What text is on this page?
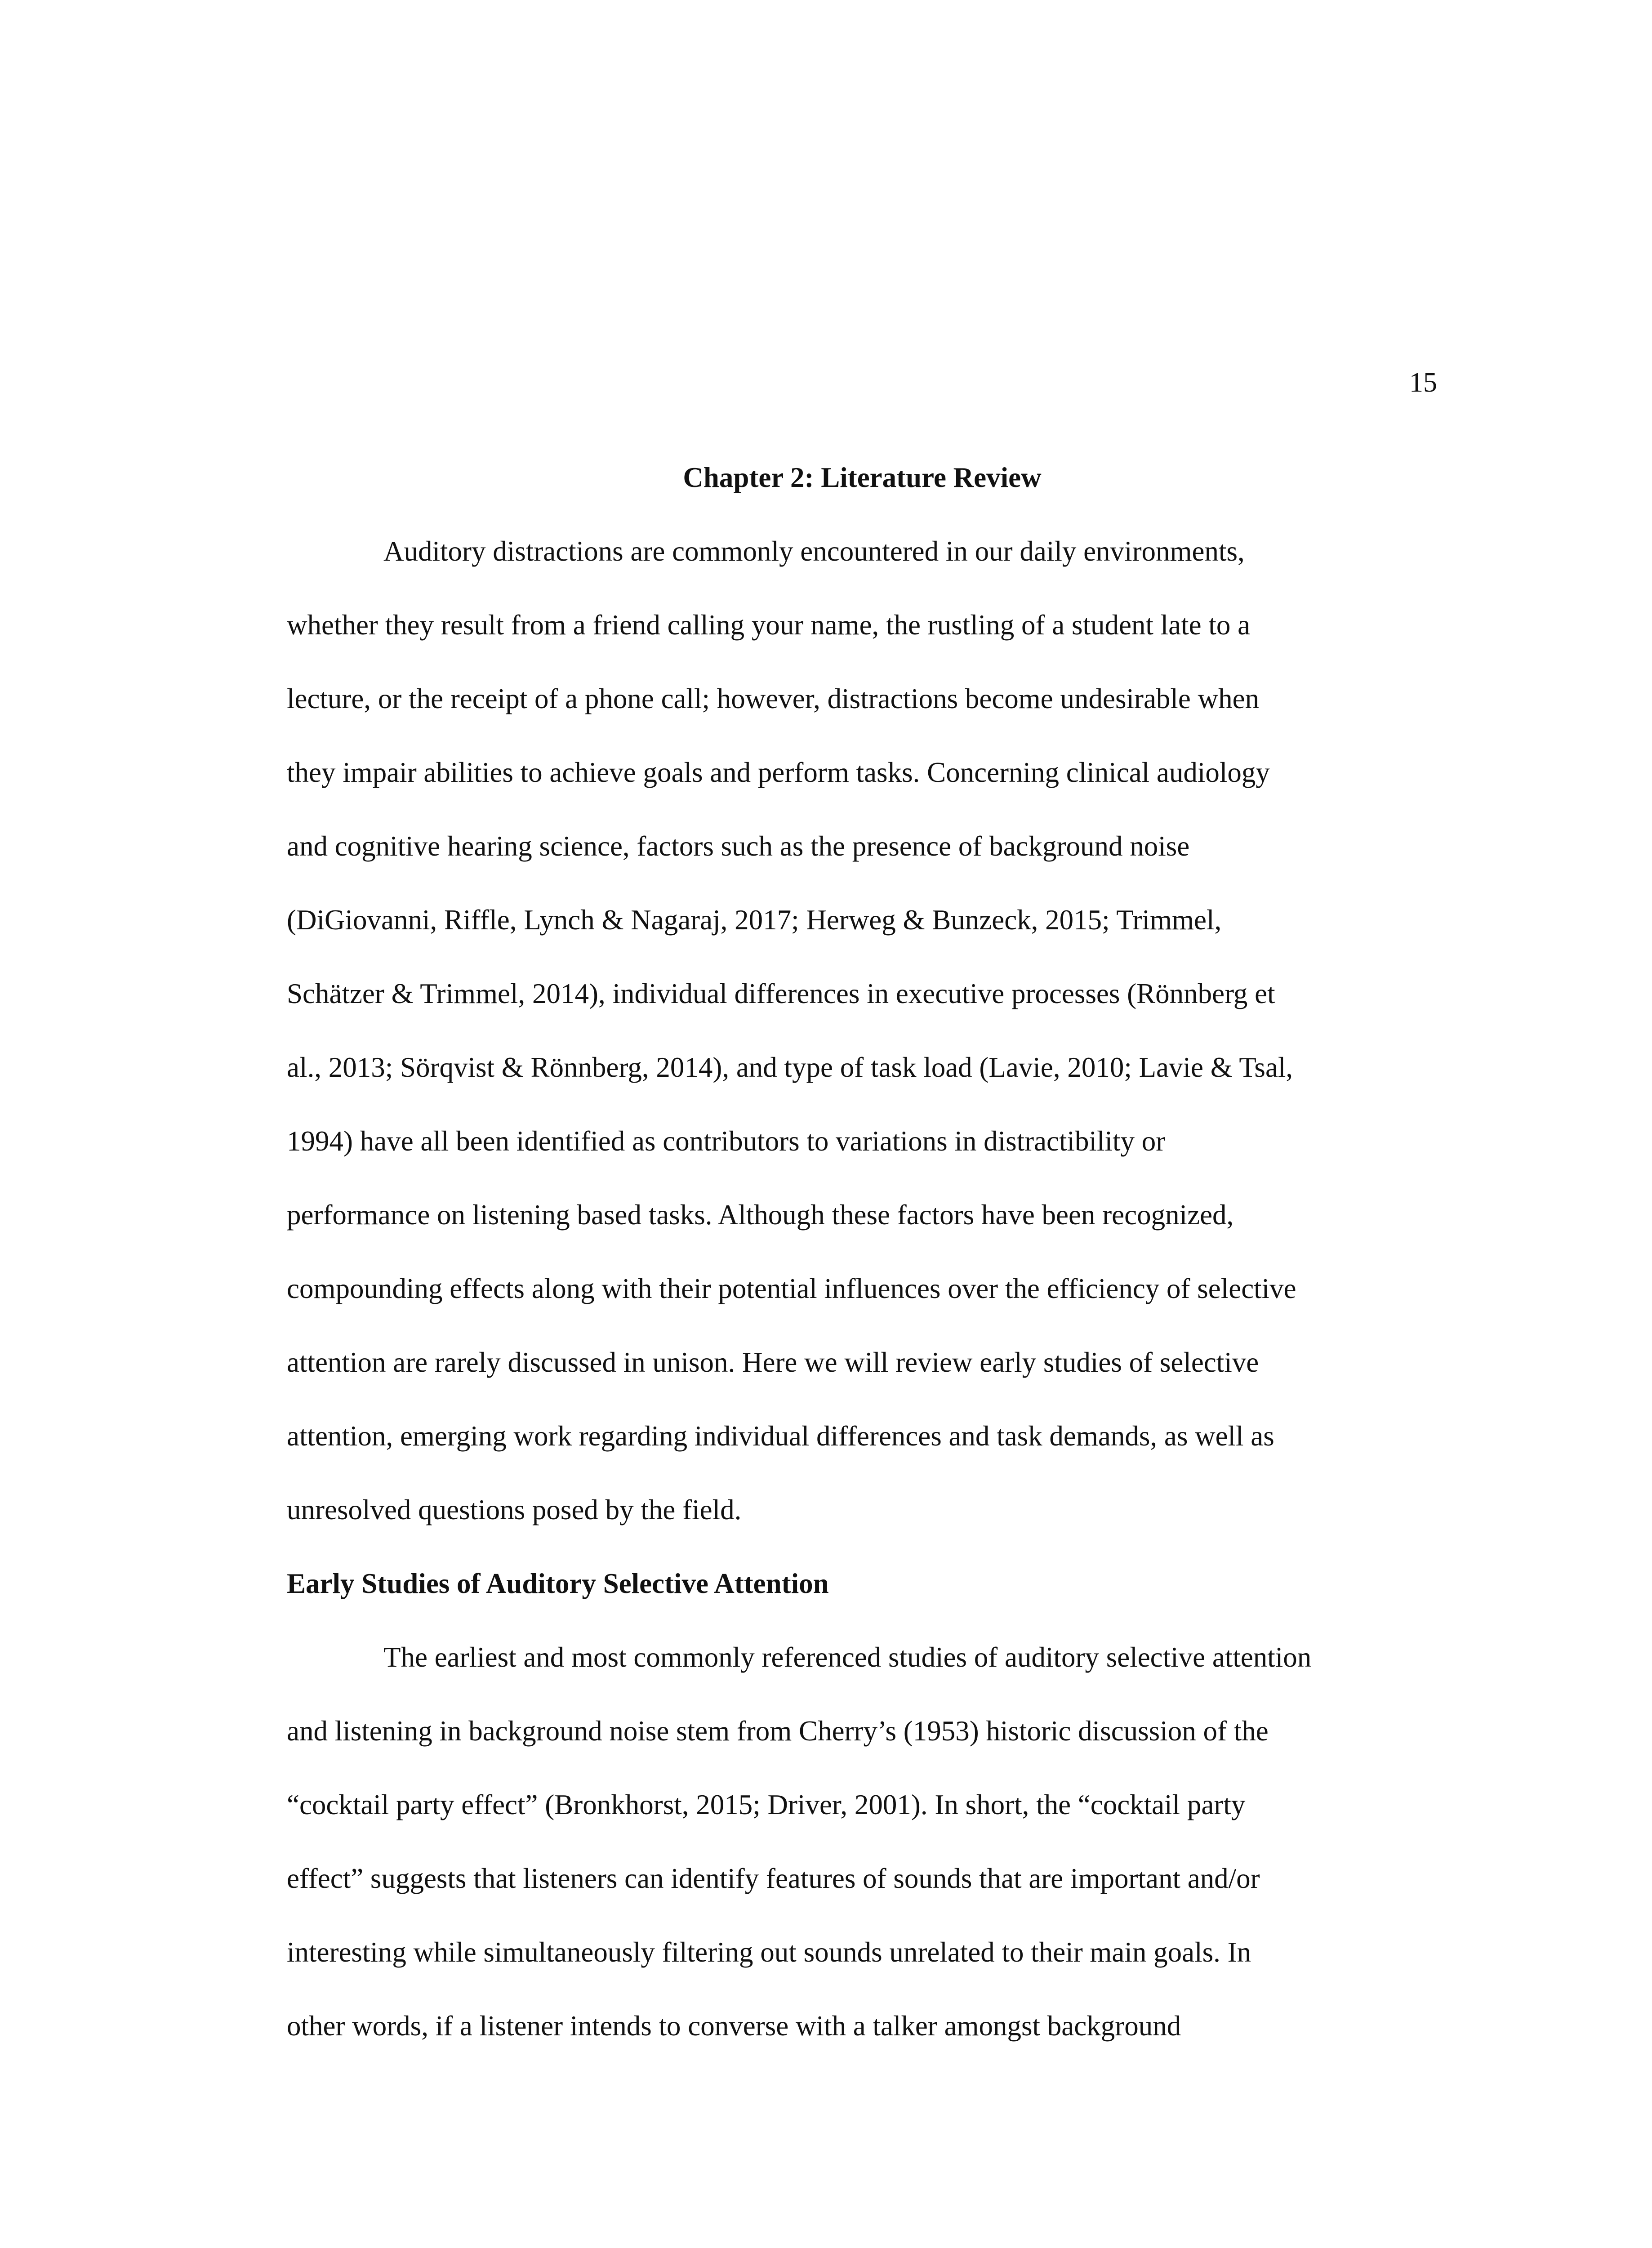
15
Chapter 2: Literature Review

Auditory distractions are commonly encountered in our daily environments,

whether they result from a friend calling your name, the rustling of a student late to a

lecture, or the receipt of a phone call; however, distractions become undesirable when

they impair abilities to achieve goals and perform tasks. Concerning clinical audiology

and cognitive hearing science, factors such as the presence of background noise

(DiGiovanni, Riffle, Lynch & Nagaraj, 2017; Herweg & Bunzeck, 2015; Trimmel,

Schätzer & Trimmel, 2014), individual differences in executive processes (Rönnberg et

al., 2013; Sörqvist & Rönnberg, 2014), and type of task load (Lavie, 2010; Lavie & Tsal,

1994) have all been identified as contributors to variations in distractibility or

performance on listening based tasks. Although these factors have been recognized,

compounding effects along with their potential influences over the efficiency of selective

attention are rarely discussed in unison. Here we will review early studies of selective

attention, emerging work regarding individual differences and task demands, as well as

unresolved questions posed by the field.

Early Studies of Auditory Selective Attention

The earliest and most commonly referenced studies of auditory selective attention

and listening in background noise stem from Cherry’s (1953) historic discussion of the

“cocktail party effect” (Bronkhorst, 2015; Driver, 2001). In short, the “cocktail party

effect” suggests that listeners can identify features of sounds that are important and/or

interesting while simultaneously filtering out sounds unrelated to their main goals. In

other words, if a listener intends to converse with a talker amongst background
